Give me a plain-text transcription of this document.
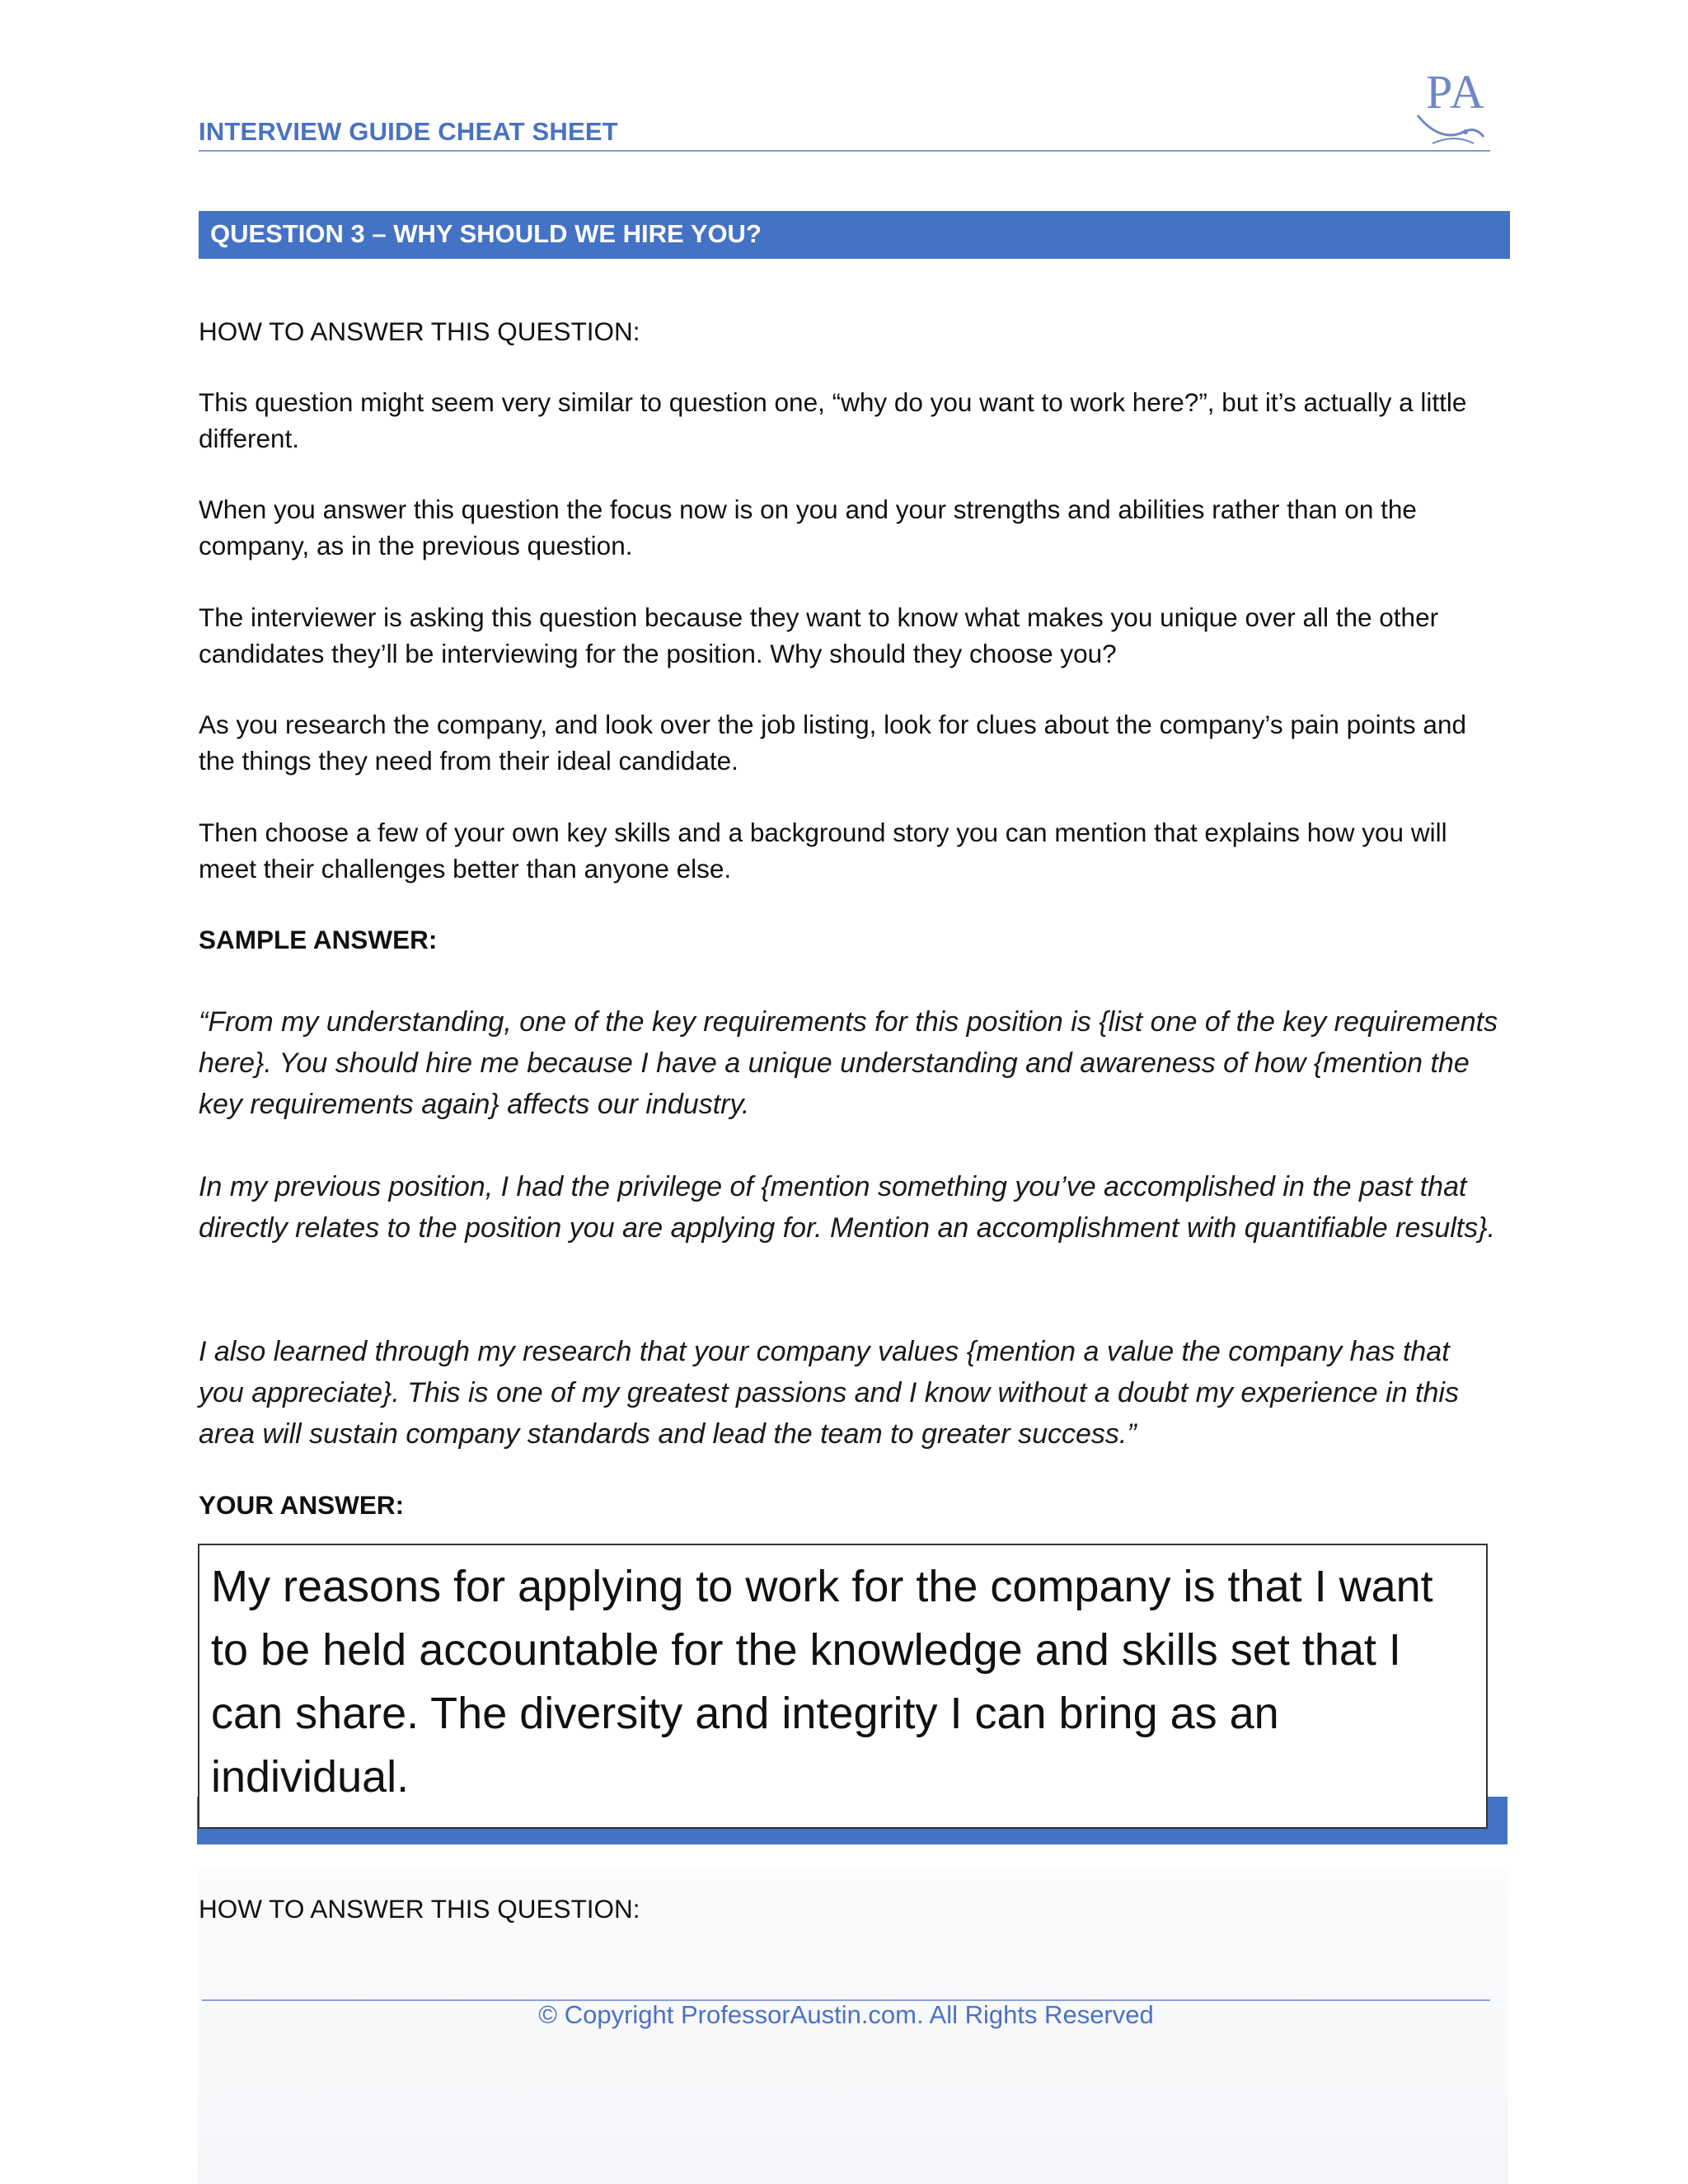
INTERVIEW GUIDE CHEAT SHEET
PA
QUESTION 3 – WHY SHOULD WE HIRE YOU?
HOW TO ANSWER THIS QUESTION:
This question might seem very similar to question one, “why do you want to work here?”, but it’s actually a little different.
When you answer this question the focus now is on you and your strengths and abilities rather than on the company, as in the previous question.
The interviewer is asking this question because they want to know what makes you unique over all the other candidates they’ll be interviewing for the position. Why should they choose you?
As you research the company, and look over the job listing, look for clues about the company’s pain points and the things they need from their ideal candidate.
Then choose a few of your own key skills and a background story you can mention that explains how you will meet their challenges better than anyone else.
SAMPLE ANSWER:
“From my understanding, one of the key requirements for this position is {list one of the key requirements here}. You should hire me because I have a unique understanding and awareness of how {mention the key requirements again} affects our industry.
In my previous position, I had the privilege of {mention something you’ve accomplished in the past that directly relates to the position you are applying for. Mention an accomplishment with quantifiable results}.
I also learned through my research that your company values {mention a value the company has that you appreciate}. This is one of my greatest passions and I know without a doubt my experience in this area will sustain company standards and lead the team to greater success.”
YOUR ANSWER:
My reasons for applying to work for the company is that I want to be held accountable for the knowledge and skills set that I can share. The diversity and integrity I can bring as an individual.
HOW TO ANSWER THIS QUESTION:
© Copyright ProfessorAustin.com. All Rights Reserved
